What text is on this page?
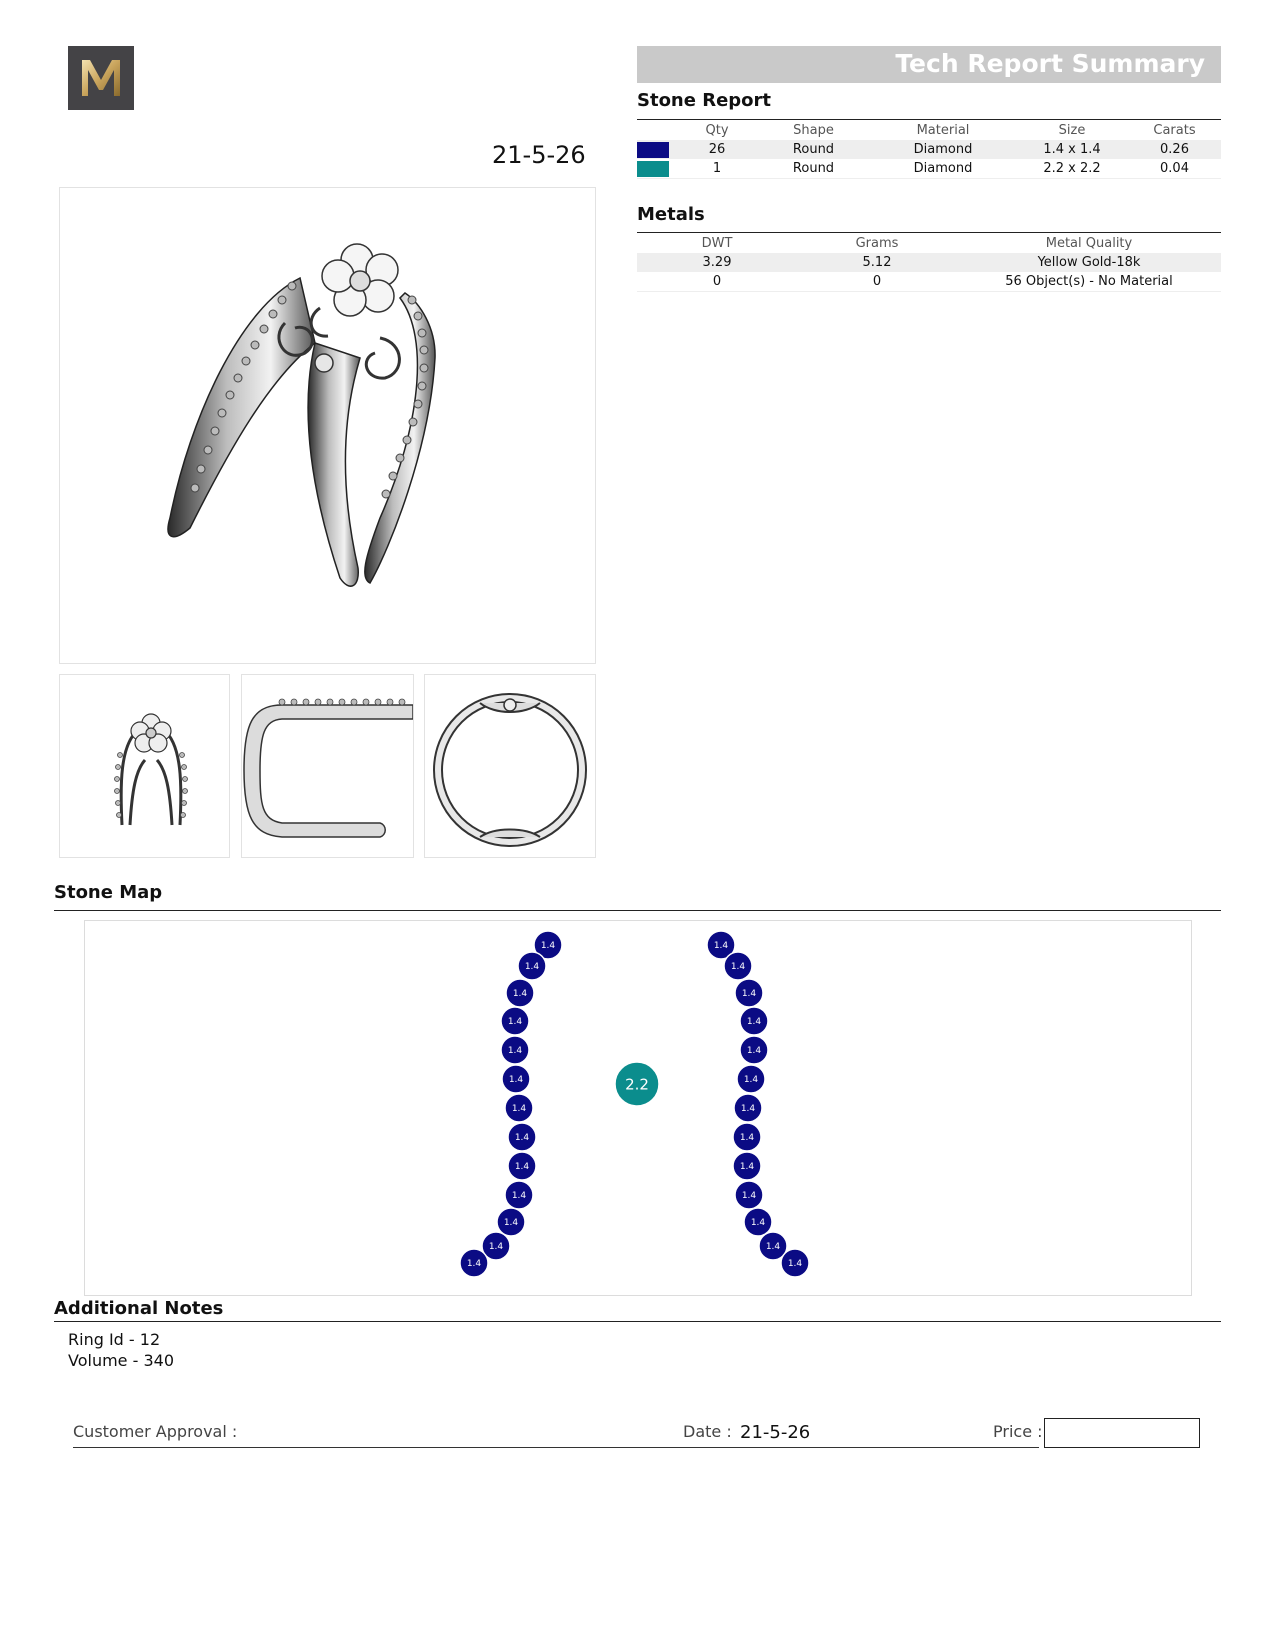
Tech Report Summary
21-5-26
Stone Report
	Qty	Shape	Material	Size	Carats
	26	Round	Diamond	1.4 x 1.4	0.26
	1	Round	Diamond	2.2 x 2.2	0.04
Metals
DWT	Grams	Metal Quality
3.29	5.12	Yellow Gold-18k
0	0	56 Object(s) - No Material
Stone Map
1.4
1.4
1.4
1.4
1.4
1.4
1.4
1.4
1.4
1.4
1.4
1.4
1.4
1.4
1.4
1.4
1.4
1.4
1.4
1.4
1.4
1.4
1.4
1.4
1.4
1.4
2.2
Additional Notes
Ring Id - 12
Volume - 340
Customer Approval :	Date : 21-5-26	Price :
